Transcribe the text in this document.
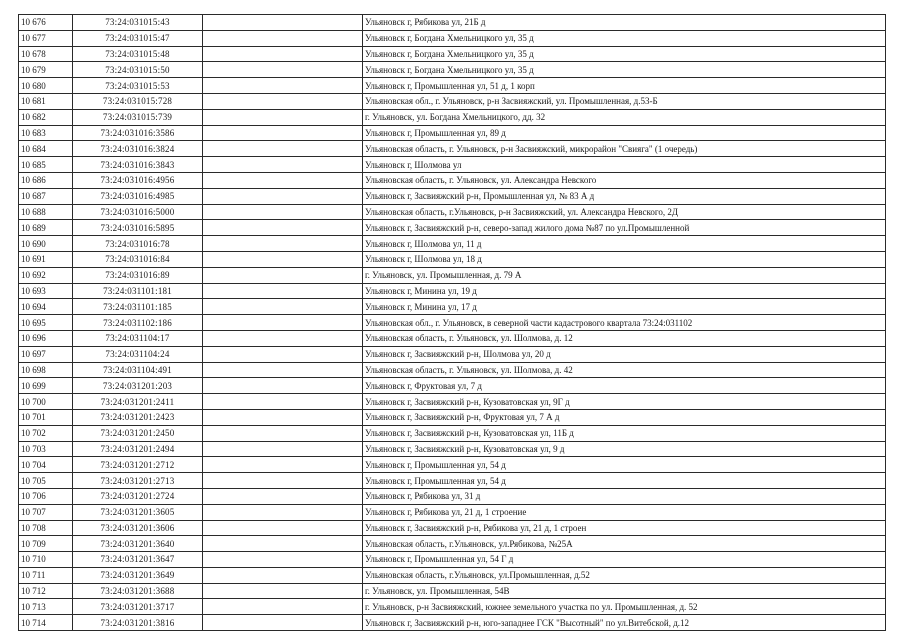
10 676	73:24:031015:43		Ульяновск г, Рябикова ул, 21Б д
10 677	73:24:031015:47		Ульяновск г, Богдана Хмельницкого ул, 35 д
10 678	73:24:031015:48		Ульяновск г, Богдана Хмельницкого ул, 35 д
10 679	73:24:031015:50		Ульяновск г, Богдана Хмельницкого ул, 35 д
10 680	73:24:031015:53		Ульяновск г, Промышленная ул, 51 д, 1 корп
10 681	73:24:031015:728		Ульяновская обл., г. Ульяновск, р-н Засвияжский, ул. Промышленная, д.53-Б
10 682	73:24:031015:739		г. Ульяновск, ул. Богдана Хмельницкого, дд. 32
10 683	73:24:031016:3586		Ульяновск г, Промышленная ул, 89 д
10 684	73:24:031016:3824		Ульяновская область, г. Ульяновск, р-н Засвияжский, микрорайон "Свияга" (1 очередь)
10 685	73:24:031016:3843		Ульяновск г, Шолмова ул
10 686	73:24:031016:4956		Ульяновская область, г. Ульяновск, ул. Александра Невского
10 687	73:24:031016:4985		Ульяновск г, Засвияжский р-н, Промышленная ул, № 83 А д
10 688	73:24:031016:5000		Ульяновская область, г.Ульяновск, р-н Засвияжский, ул. Александра Невского, 2Д
10 689	73:24:031016:5895		Ульяновск г, Засвияжский р-н, северо-запад жилого дома №87 по ул.Промышленной
10 690	73:24:031016:78		Ульяновск г, Шолмова ул, 11 д
10 691	73:24:031016:84		Ульяновск г, Шолмова ул, 18 д
10 692	73:24:031016:89		г. Ульяновск, ул. Промышленная, д. 79 А
10 693	73:24:031101:181		Ульяновск г, Минина ул, 19 д
10 694	73:24:031101:185		Ульяновск г, Минина ул, 17 д
10 695	73:24:031102:186		Ульяновская обл., г. Ульяновск, в северной части кадастрового квартала 73:24:031102
10 696	73:24:031104:17		Ульяновская область, г. Ульяновск, ул. Шолмова, д. 12
10 697	73:24:031104:24		Ульяновск г, Засвияжский р-н, Шолмова ул, 20 д
10 698	73:24:031104:491		Ульяновская область, г. Ульяновск, ул. Шолмова, д. 42
10 699	73:24:031201:203		Ульяновск г, Фруктовая ул, 7 д
10 700	73:24:031201:2411		Ульяновск г, Засвияжский р-н, Кузоватовская ул, 9Г д
10 701	73:24:031201:2423		Ульяновск г, Засвияжский р-н, Фруктовая ул, 7 А д
10 702	73:24:031201:2450		Ульяновск г, Засвияжский р-н, Кузоватовская ул, 11Б д
10 703	73:24:031201:2494		Ульяновск г, Засвияжский р-н, Кузоватовская ул, 9 д
10 704	73:24:031201:2712		Ульяновск г, Промышленная ул, 54 д
10 705	73:24:031201:2713		Ульяновск г, Промышленная ул, 54 д
10 706	73:24:031201:2724		Ульяновск г, Рябикова ул, 31 д
10 707	73:24:031201:3605		Ульяновск г, Рябикова ул, 21 д, 1 строение
10 708	73:24:031201:3606		Ульяновск г, Засвияжский р-н, Рябикова ул, 21 д, 1 строен
10 709	73:24:031201:3640		Ульяновская область, г.Ульяновск, ул.Рябикова, №25А
10 710	73:24:031201:3647		Ульяновск г, Промышленная ул, 54 Г д
10 711	73:24:031201:3649		Ульяновская область, г.Ульяновск, ул.Промышленная, д.52
10 712	73:24:031201:3688		г. Ульяновск, ул. Промышленная, 54В
10 713	73:24:031201:3717		г. Ульяновск, р-н Засвияжский, южнее земельного участка по ул. Промышленная, д. 52
10 714	73:24:031201:3816		Ульяновск г, Засвияжский р-н, юго-западнее ГСК "Высотный" по ул.Витебской, д.12
